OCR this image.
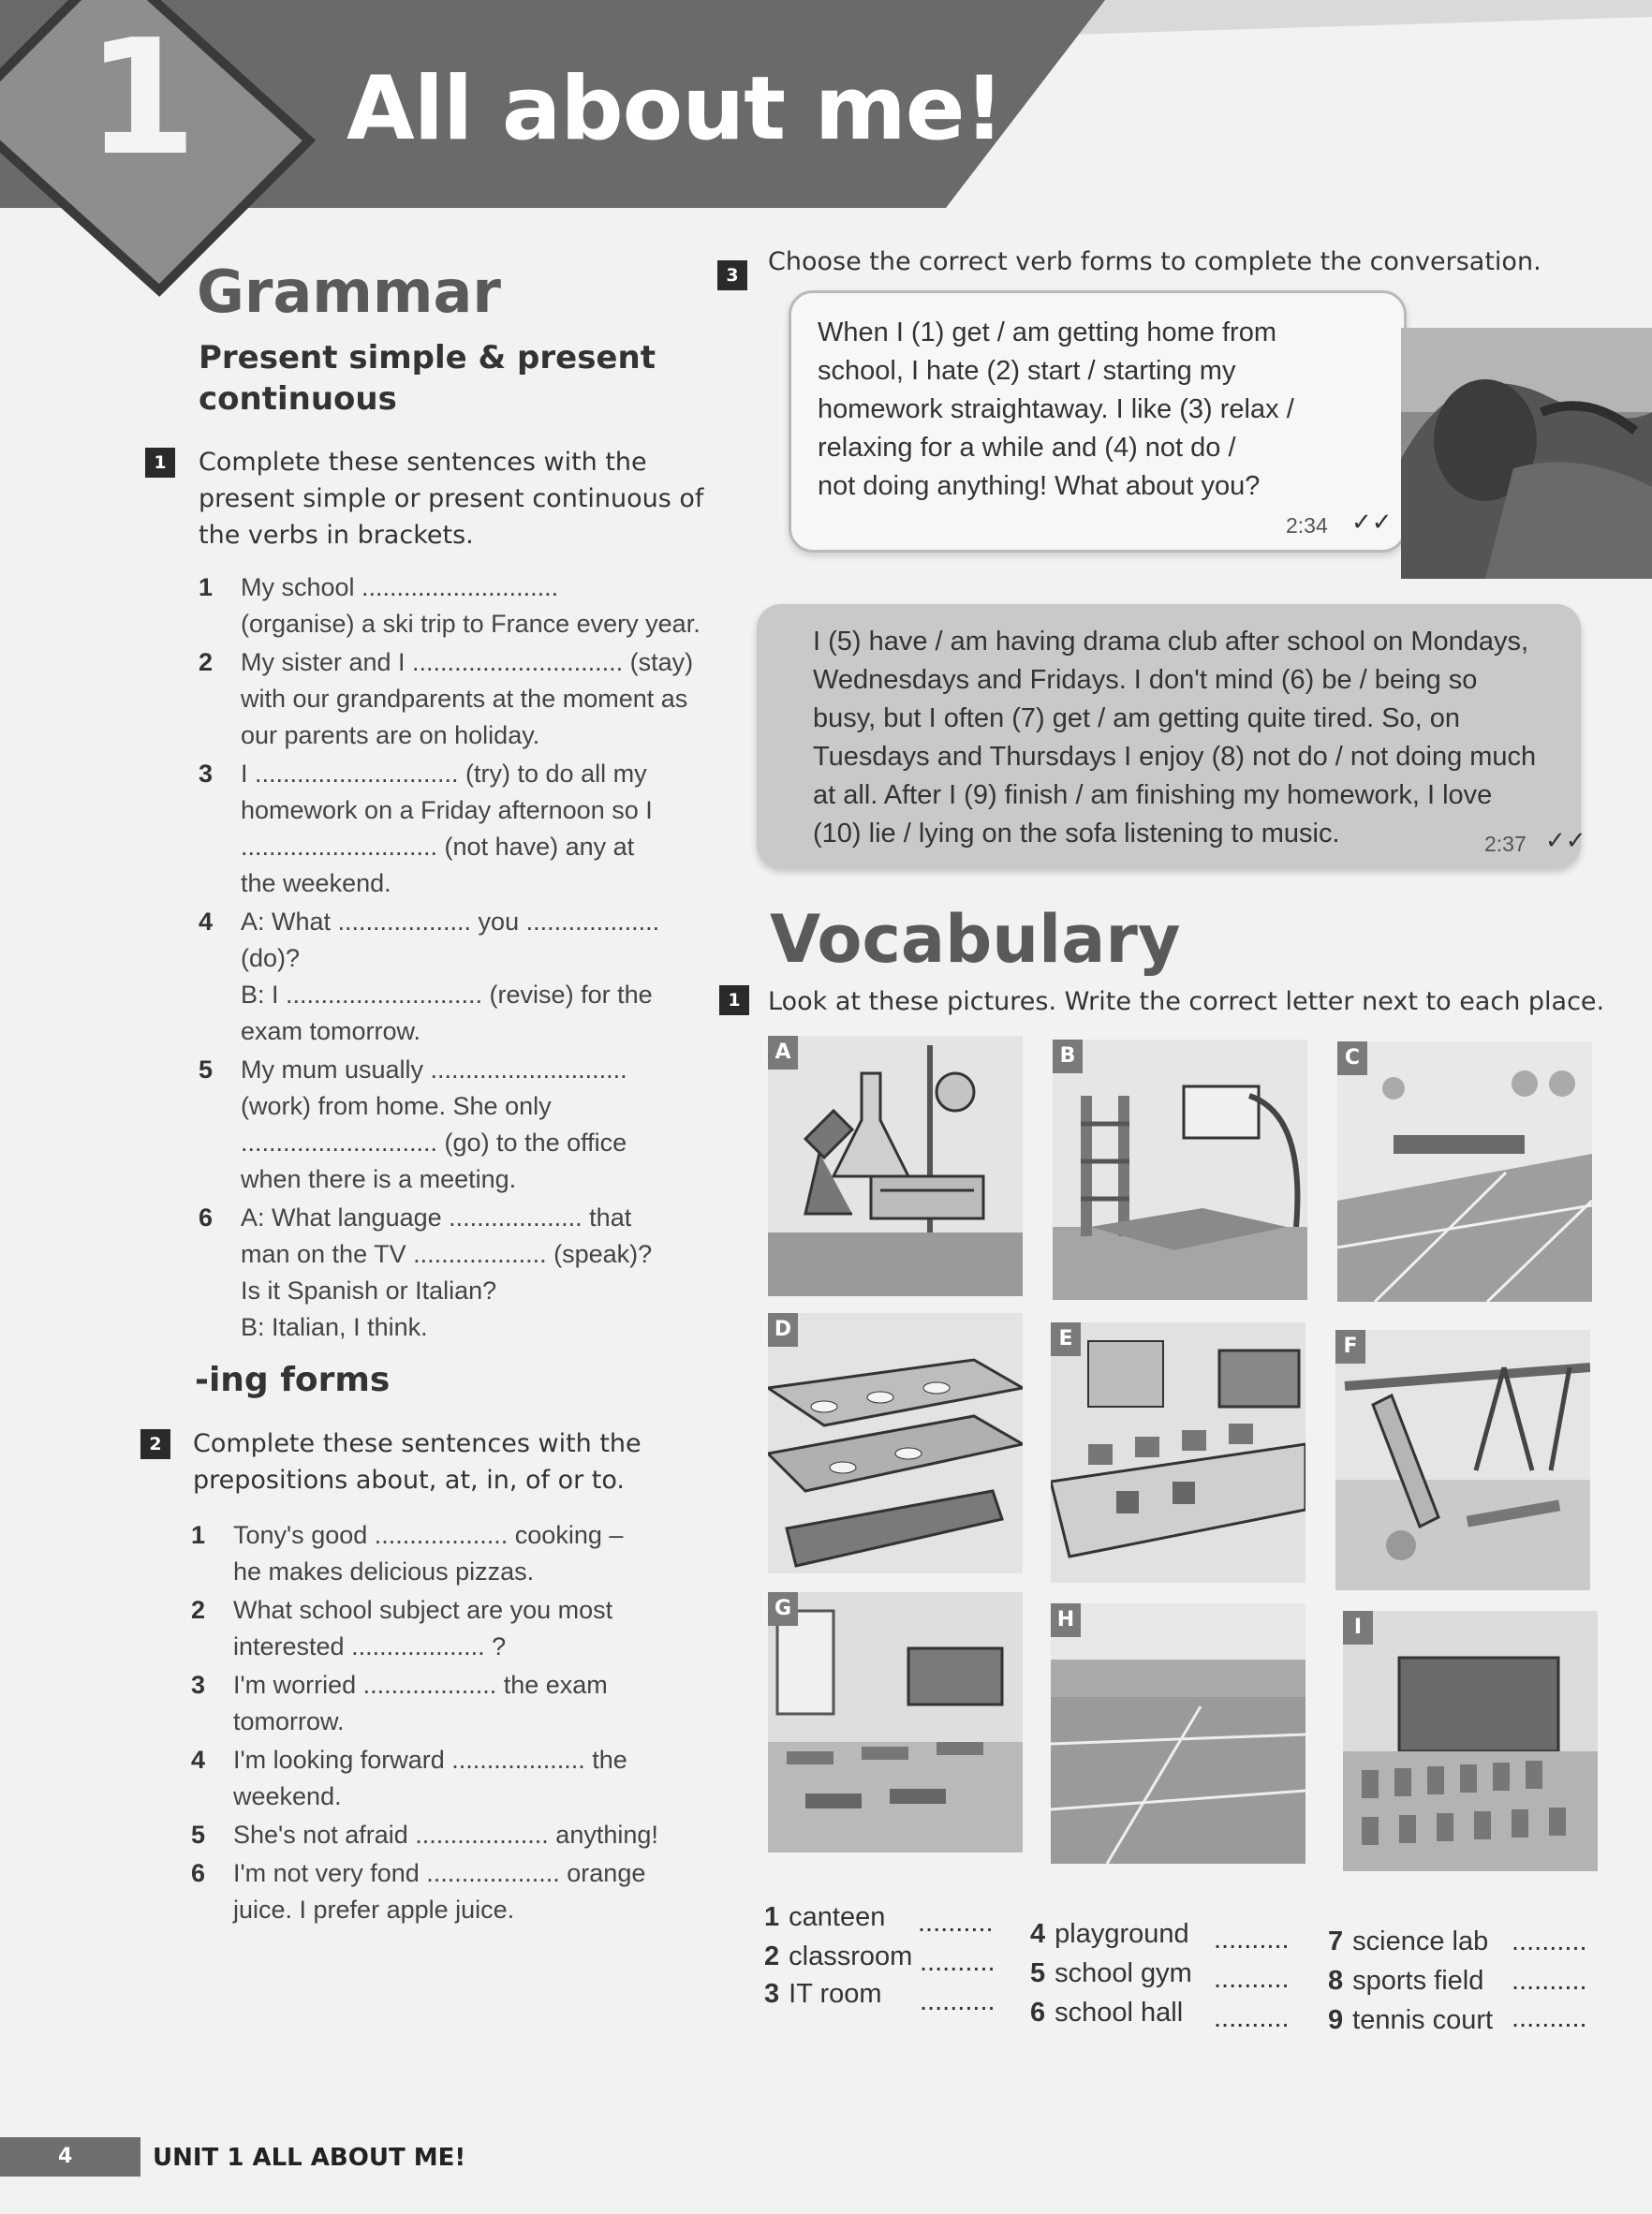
1 All about me!
Grammar
Present simple & present continuous
1	Complete these sentences with the present simple or present continuous of the verbs in brackets.
1 My school ............................
(organise) a ski trip to France every year.
2 My sister and I .............................. (stay)
with our grandparents at the moment as
our parents are on holiday.
3 I ............................. (try) to do all my
homework on a Friday afternoon so I
............................ (not have) any at
the weekend.
4 A: What ................... you ...................
(do)?
B: I ............................ (revise) for the
exam tomorrow.
5 My mum usually ............................
(work) from home. She only
............................ (go) to the office
when there is a meeting.
6 A: What language ................... that
man on the TV ................... (speak)?
Is it Spanish or Italian?
B: Italian, I think.
-ing forms
2	Complete these sentences with the prepositions about, at, in, of or to.
1 Tony's good ................... cooking –
he makes delicious pizzas.
2 What school subject are you most
interested ................... ?
3 I'm worried ................... the exam
tomorrow.
4 I'm looking forward ................... the
weekend.
5 She's not afraid ................... anything!
6 I'm not very fond ................... orange
juice. I prefer apple juice.
3	Choose the correct verb forms to complete the conversation.
When I (1) get / am getting home from
school, I hate (2) start / starting my
homework straightaway. I like (3) relax /
relaxing for a while and (4) not do /
not doing anything! What about you?
2:34 ✓✓
I (5) have / am having drama club after school on Mondays,
Wednesdays and Fridays. I don't mind (6) be / being so
busy, but I often (7) get / am getting quite tired. So, on
Tuesdays and Thursdays I enjoy (8) not do / not doing much
at all. After I (9) finish / am finishing my homework, I love
(10) lie / lying on the sofa listening to music.	2:37 ✓✓
Vocabulary
1	Look at these pictures. Write the correct letter next to each place.
A	B	C
D	E	F
G	H	I
1 canteen ..........
2 classroom ..........
3 IT room ..........
4 playground ..........
5 school gym ..........
6 school hall ..........
7 science lab ..........
8 sports field ..........
9 tennis court ..........
4	UNIT 1 ALL ABOUT ME!
